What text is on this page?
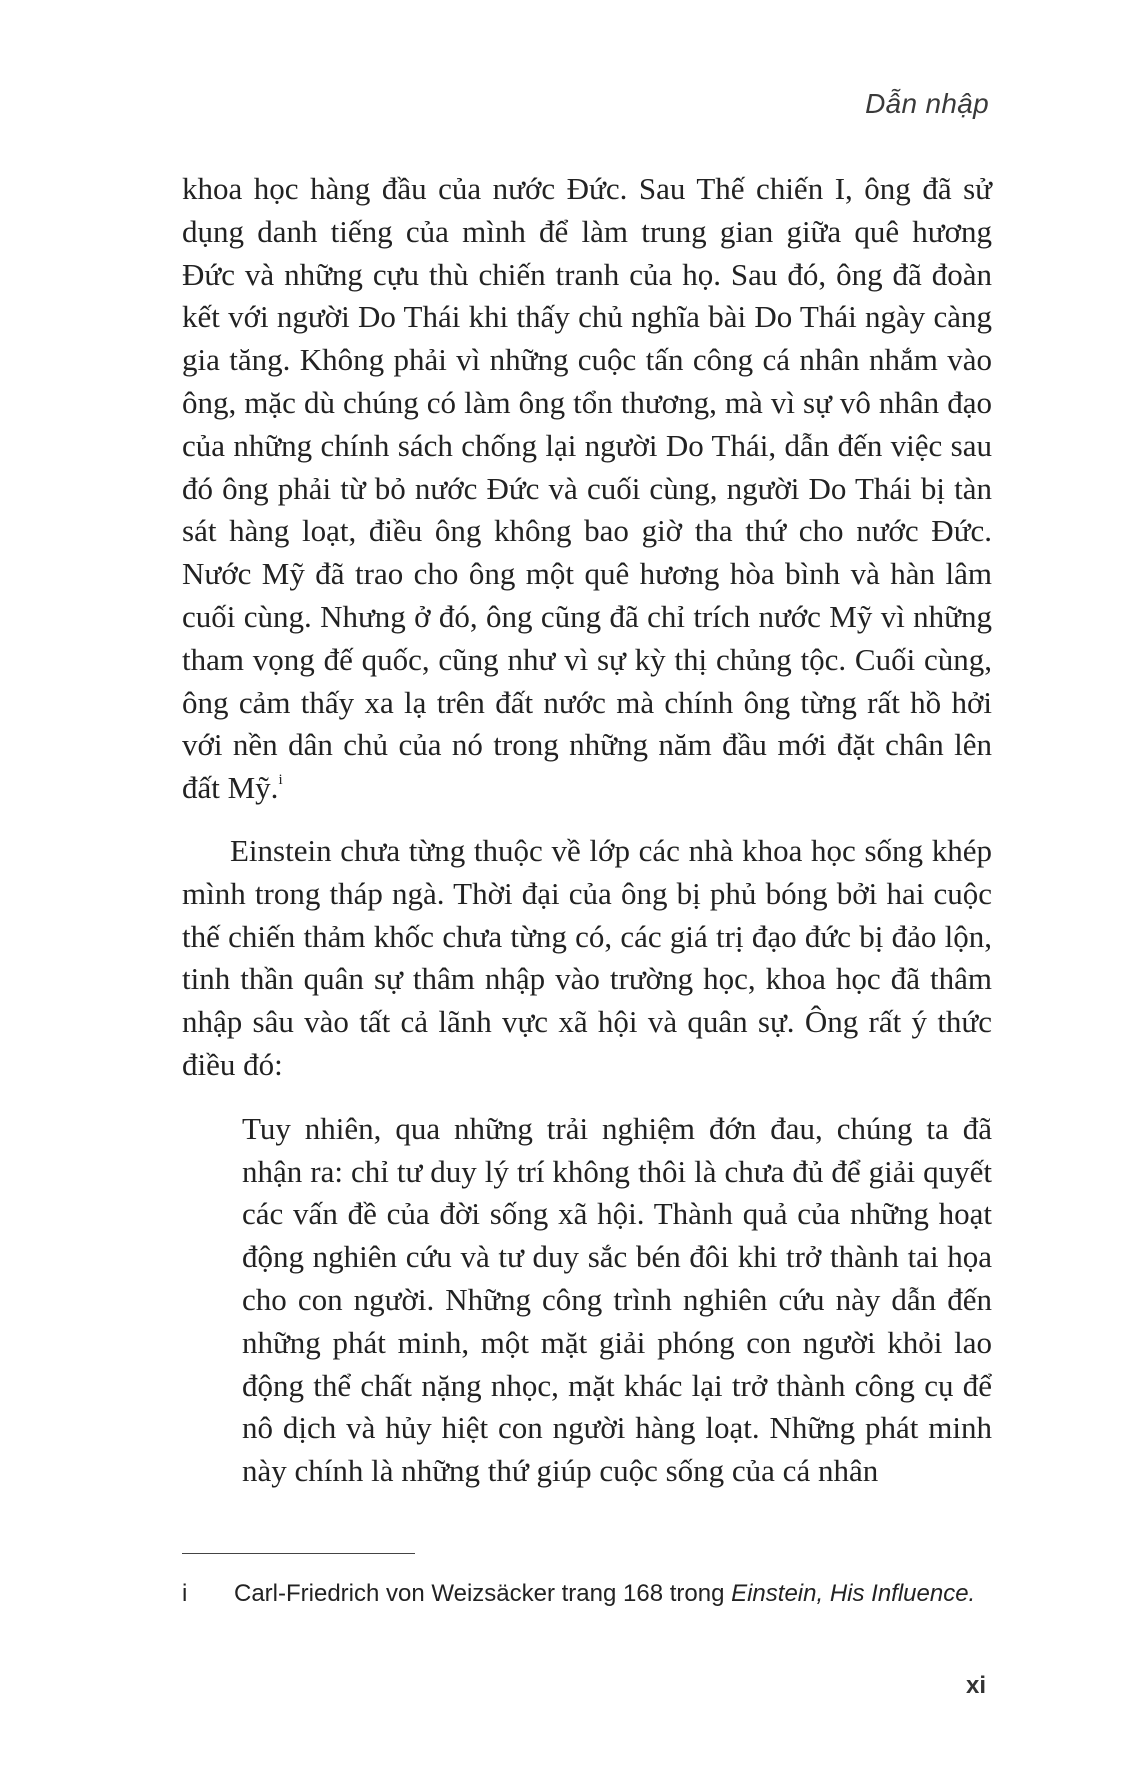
Dẫn nhập

khoa học hàng đầu của nước Đức. Sau Thế chiến I, ông đã sử dụng danh tiếng của mình để làm trung gian giữa quê hương Đức và những cựu thù chiến tranh của họ. Sau đó, ông đã đoàn kết với người Do Thái khi thấy chủ nghĩa bài Do Thái ngày càng gia tăng. Không phải vì những cuộc tấn công cá nhân nhắm vào ông, mặc dù chúng có làm ông tổn thương, mà vì sự vô nhân đạo của những chính sách chống lại người Do Thái, dẫn đến việc sau đó ông phải từ bỏ nước Đức và cuối cùng, người Do Thái bị tàn sát hàng loạt, điều ông không bao giờ tha thứ cho nước Đức. Nước Mỹ đã trao cho ông một quê hương hòa bình và hàn lâm cuối cùng. Nhưng ở đó, ông cũng đã chỉ trích nước Mỹ vì những tham vọng đế quốc, cũng như vì sự kỳ thị chủng tộc. Cuối cùng, ông cảm thấy xa lạ trên đất nước mà chính ông từng rất hồ hởi với nền dân chủ của nó trong những năm đầu mới đặt chân lên đất Mỹ.$^i$

Einstein chưa từng thuộc về lớp các nhà khoa học sống khép mình trong tháp ngà. Thời đại của ông bị phủ bóng bởi hai cuộc thế chiến thảm khốc chưa từng có, các giá trị đạo đức bị đảo lộn, tinh thần quân sự thâm nhập vào trường học, khoa học đã thâm nhập sâu vào tất cả lãnh vực xã hội và quân sự. Ông rất ý thức điều đó:

Tuy nhiên, qua những trải nghiệm đớn đau, chúng ta đã nhận ra: chỉ tư duy lý trí không thôi là chưa đủ để giải quyết các vấn đề của đời sống xã hội. Thành quả của những hoạt động nghiên cứu và tư duy sắc bén đôi khi trở thành tai họa cho con người. Những công trình nghiên cứu này dẫn đến những phát minh, một mặt giải phóng con người khỏi lao động thể chất nặng nhọc, mặt khác lại trở thành công cụ để nô dịch và hủy hiệt con người hàng loạt. Những phát minh này chính là những thứ giúp cuộc sống của cá nhân

i Carl-Friedrich von Weizsäcker trang 168 trong Einstein, His Influence.
xi
